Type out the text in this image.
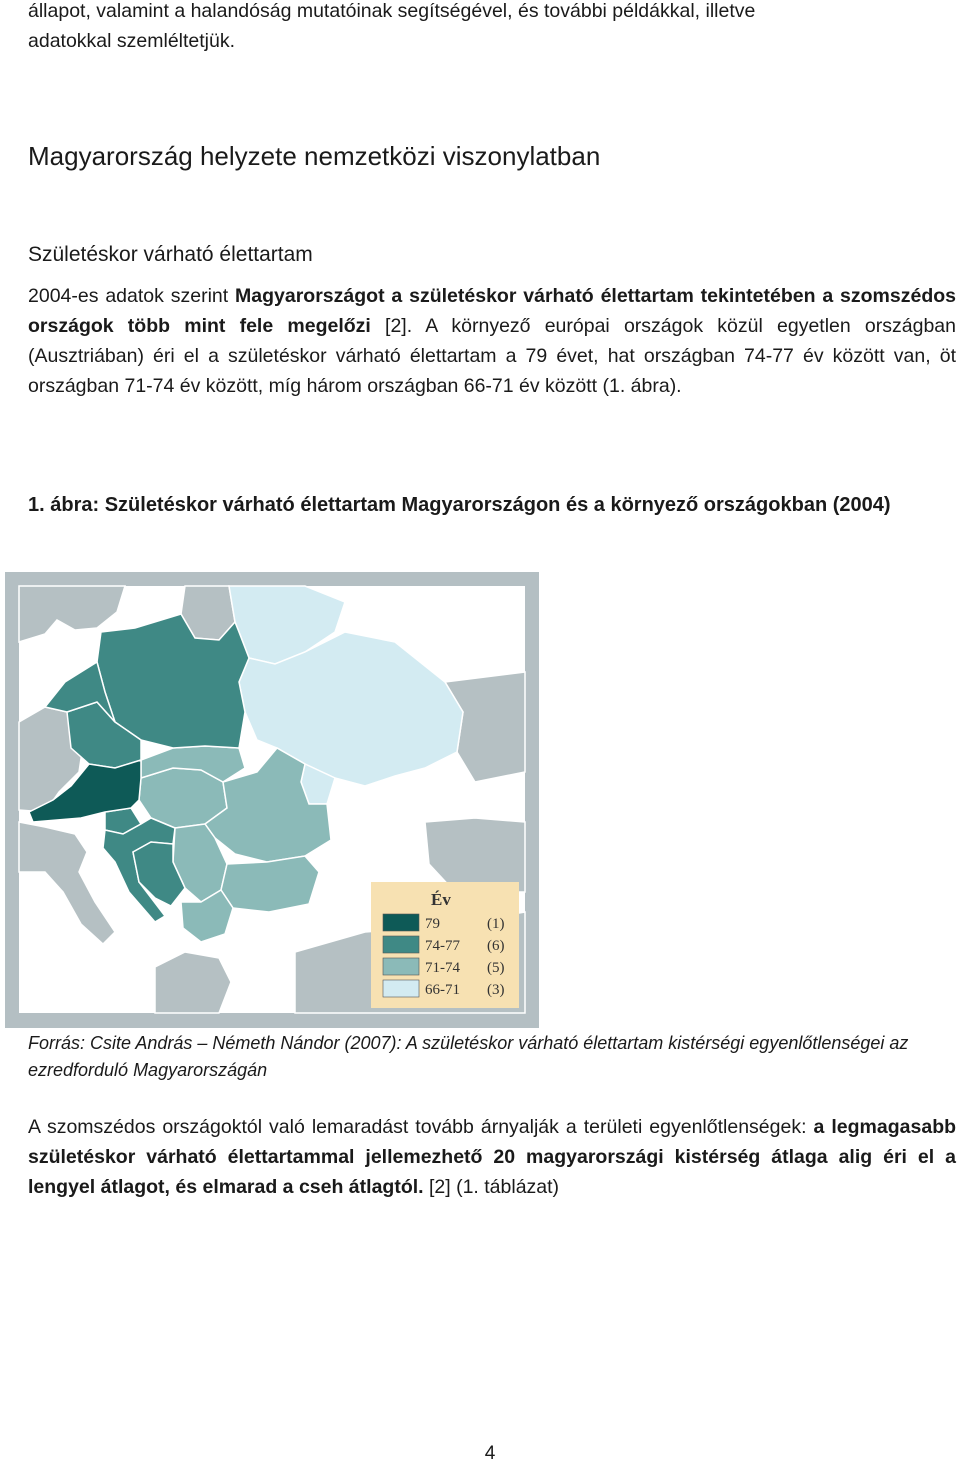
állapot, valamint a halandóság mutatóinak segítségével, és további példákkal, illetve
adatokkal szemléltetjük.

Magyarország helyzete nemzetközi viszonylatban
Születéskor várható élettartam

2004-es adatok szerint Magyarországot a születéskor várható élettartam tekintetében a szomszédos országok több mint fele megelőzi [2]. A környező európai országok közül egyetlen országban (Ausztriában) éri el a születéskor várható élettartam a 79 évet, hat országban 74-77 év között van, öt országban 71-74 év között, míg három országban 66-71 év között (1. ábra).

1. ábra: Születéskor várható élettartam Magyarországon és a környező országokban (2004)

Év
79	(1)
74-77 (6)
71-74 (5)
66-71 (3)

Forrás: Csite András – Németh Nándor (2007): A születéskor várható élettartam kistérségi egyenlőtlenségei az ezredforduló Magyarországán

A szomszédos országoktól való lemaradást tovább árnyalják a területi egyenlőtlenségek: a legmagasabb születéskor várható élettartammal jellemezhető 20 magyarországi kistérség átlaga alig éri el a lengyel átlagot, és elmarad a cseh átlagtól. [2] (1. táblázat)

4
